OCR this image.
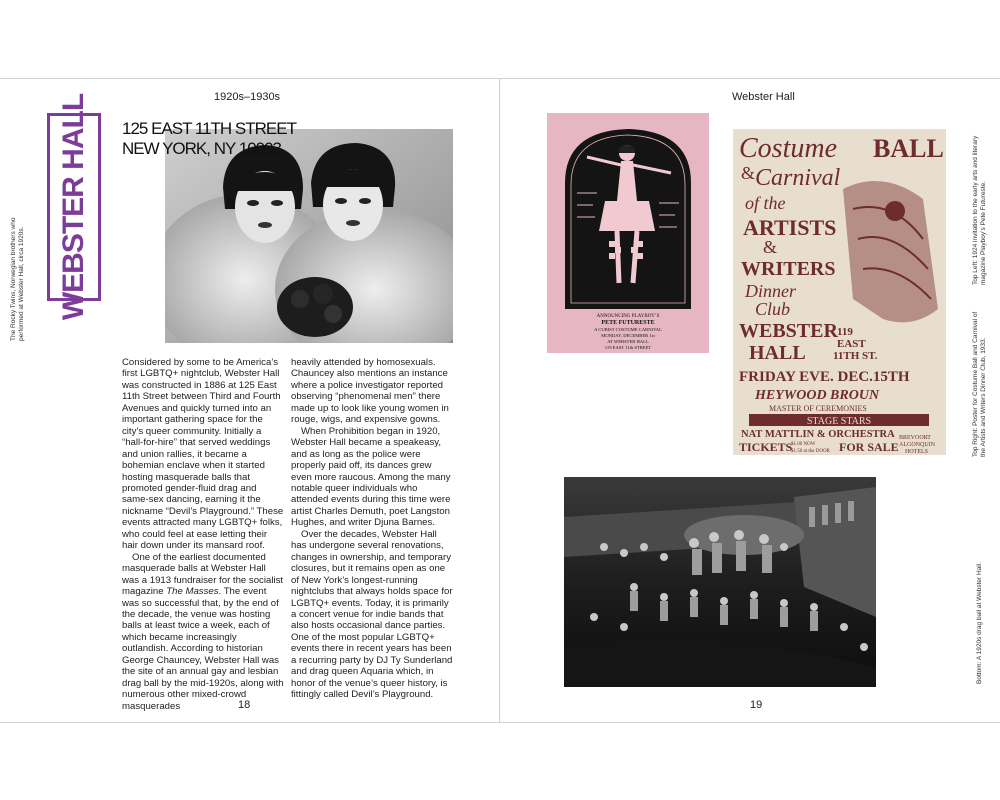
1920s–1930s
The Rocky Twins, Norwegian brothers who performed at Webster Hall, circa 1920s. WEBSTER HALL 125 EAST 11TH STREET
NEW YORK, NY 10003

Considered by some to be America’s first LGBTQ+ nightclub, Webster Hall was constructed in 1886 at 125 East 11th Street between Third and Fourth Avenues and quickly turned into an important gathering space for the city’s queer community. Initially a “hall-for-hire” that served weddings and union rallies, it became a bohemian enclave when it started hosting masquerade balls that promoted gender-fluid drag and same-sex dancing, earning it the nickname “Devil’s Playground.” These events attracted many LGBTQ+ folks, who could feel at ease letting their hair down under its mansard roof.

One of the earliest documented masquerade balls at Webster Hall was a 1913 fundraiser for the socialist magazine The Masses. The event was so successful that, by the end of the decade, the venue was hosting balls at least twice a week, each of which became increasingly outlandish. According to historian George Chauncey, Webster Hall was the site of an annual gay and lesbian drag ball by the mid-1920s, along with numerous other mixed-crowd masquerades

heavily attended by homosexuals. Chauncey also mentions an instance where a police investigator reported observing “phenomenal men” there made up to look like young women in rouge, wigs, and expensive gowns.

When Prohibition began in 1920, Webster Hall became a speakeasy, and as long as the police were properly paid off, its dances grew even more raucous. Among the many notable queer individuals who attended events during this time were artist Charles Demuth, poet Langston Hughes, and writer Djuna Barnes.

Over the decades, Webster Hall has undergone several renovations, changes in ownership, and temporary closures, but it remains open as one of New York’s longest-running nightclubs that always holds space for LGBTQ+ events. Today, it is primarily a concert venue for indie bands that also hosts occasional dance parties. One of the most popular LGBTQ+ events there in recent years has been a recurring party by DJ Ty Sunderland and drag queen Aquaria which, in honor of the venue’s queer history, is fittingly called Devil’s Playground.

18
Webster Hall
ANNOUNCING PLAYBOY’S
PETE FUTURESTE
A CUBIST COSTUME CARNIVAL
MONDAY, DECEMBER 1st
AT WEBSTER HALL
119 EAST 11th STREET
Costume BALL
& Carnival
of the
ARTISTS
&
WRITERS
Dinner
Club
WEBSTER
HALL
119
EAST
11TH ST.
FRIDAY EVE. DEC.15TH
HEYWOOD BROUN
MASTER OF CEREMONIES
STAGE STARS
NAT MATTLIN & ORCHESTRA
TICKETS
$1.00 NOW
$1.50 at the DOOR FOR SALE
BREVOORT
ALGONQUIN
HOTELS
Top Left: 1924 invitation to the early arts and literary magazine Playboy’s Pete Futureste.
Top Right: Poster for Costume Ball and Carnival of the Artists and Writers Dinner Club, 1933.
Bottom: A 1920s drag ball at Webster Hall.
19
